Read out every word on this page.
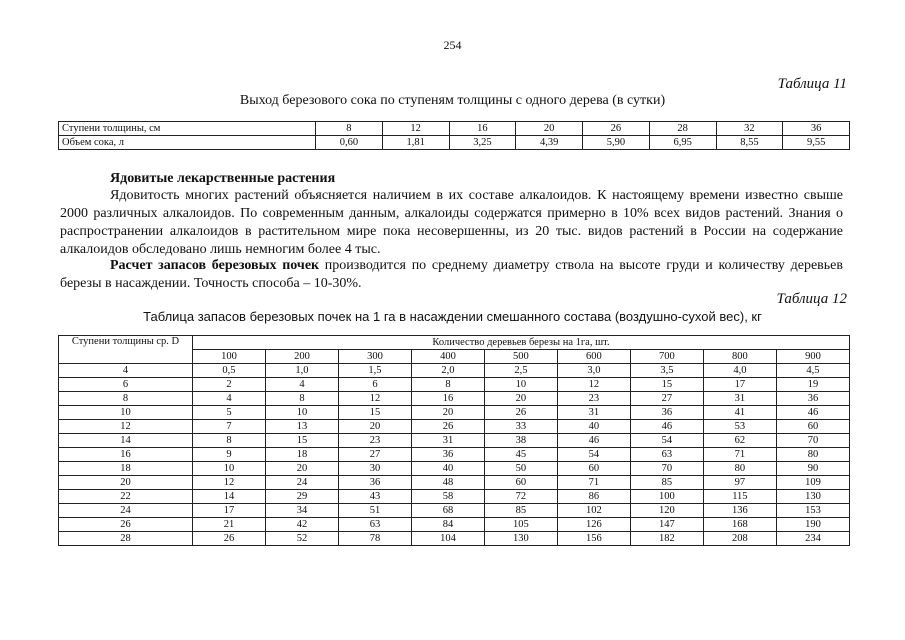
254
Таблица 11
Выход березового сока по ступеням толщины с одного дерева (в сутки)
Ступени толщины, см	8	12	16	20	26	28	32	36
Объем сока, л	0,60	1,81	3,25	4,39	5,90	6,95	8,55	9,55
Ядовитые лекарственные растения
Ядовитость многих растений объясняется наличием в их составе алкалоидов. К настоящему времени известно свыше 2000 различных алкалоидов. По современным данным, алкалоиды содержатся примерно в 10% всех видов растений. Знания о распространении алкалоидов в растительном мире пока несовершенны, из 20 тыс. видов растений в России на содержание алкалоидов обследовано лишь немногим более 4 тыс.
Расчет запасов березовых почек производится по среднему диаметру ствола на высоте груди и количеству деревьев березы в насаждении. Точность способа – 10-30%.
Таблица 12
Таблица запасов березовых почек на 1 га в насаждении смешанного состава (воздушно-сухой вес), кг
Ступени толщины ср. D	Количество деревьев березы на 1га, шт.								
	100	200	300	400	500	600	700	800	900
4	0,5	1,0	1,5	2,0	2,5	3,0	3,5	4,0	4,5
6	2	4	6	8	10	12	15	17	19
8	4	8	12	16	20	23	27	31	36
10	5	10	15	20	26	31	36	41	46
12	7	13	20	26	33	40	46	53	60
14	8	15	23	31	38	46	54	62	70
16	9	18	27	36	45	54	63	71	80
18	10	20	30	40	50	60	70	80	90
20	12	24	36	48	60	71	85	97	109
22	14	29	43	58	72	86	100	115	130
24	17	34	51	68	85	102	120	136	153
26	21	42	63	84	105	126	147	168	190
28	26	52	78	104	130	156	182	208	234
